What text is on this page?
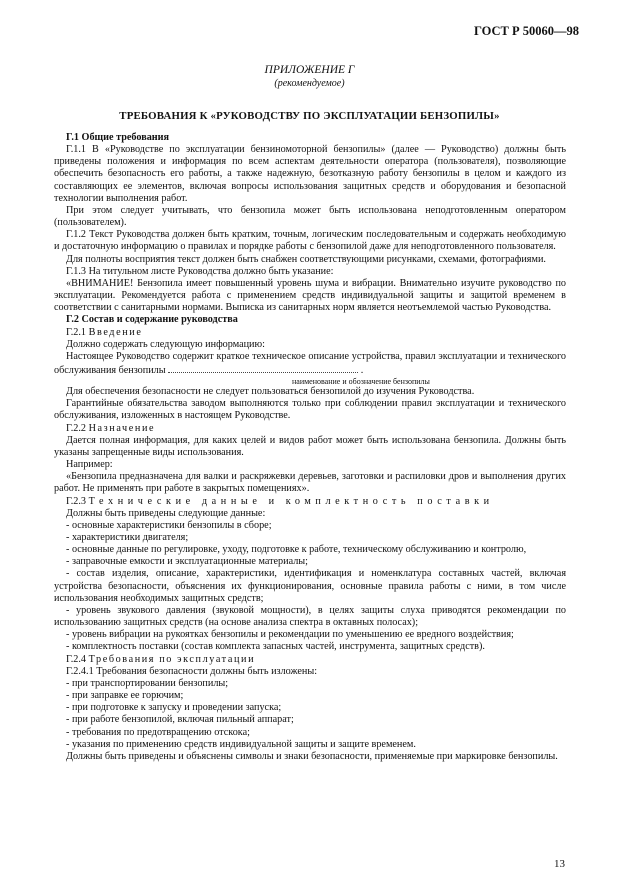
ГОСТ Р 50060—98
ПРИЛОЖЕНИЕ Г
(рекомендуемое)
ТРЕБОВАНИЯ К «РУКОВОДСТВУ ПО ЭКСПЛУАТАЦИИ БЕНЗОПИЛЫ»

Г.1 Общие требования

Г.1.1 В «Руководстве по эксплуатации бензиномоторной бензопилы» (далее — Руководство) должны быть приведены положения и информация по всем аспектам деятельности оператора (пользователя), позволяющие обеспечить безопасность его работы, а также надежную, безотказную работу бензопилы в целом и каждого из составляющих ее элементов, включая вопросы использования защитных средств и оборудования и безопасной технологии выполнения работ.

При этом следует учитывать, что бензопила может быть использована неподготовленным оператором (пользователем).

Г.1.2 Текст Руководства должен быть кратким, точным, логическим последовательным и содержать необходимую и достаточную информацию о правилах и порядке работы с бензопилой даже для неподготовленного пользователя.

Для полноты восприятия текст должен быть снабжен соответствующими рисунками, схемами, фотографиями.

Г.1.3 На титульном листе Руководства должно быть указание:

«ВНИМАНИЕ! Бензопила имеет повышенный уровень шума и вибрации. Внимательно изучите руководство по эксплуатации. Рекомендуется работа с применением средств индивидуальной защиты и защитой временем в соответствии с санитарными нормами. Выписка из санитарных норм является неотъемлемой частью Руководства.

Г.2 Состав и содержание руководства

Г.2.1 Введение

Должно содержать следующую информацию:

Настоящее Руководство содержит краткое техническое описание устройства, правил эксплуатации и технического обслуживания бензопилы	.

наименование и обозначение бензопилы

Для обеспечения безопасности не следует пользоваться бензопилой до изучения Руководства.

Гарантийные обязательства заводом выполняются только при соблюдении правил эксплуатации и технического обслуживания, изложенных в настоящем Руководстве.

Г.2.2 Назначение

Дается полная информация, для каких целей и видов работ может быть использована бензопила. Должны быть указаны запрещенные виды использования.

Например:

«Бензопила предназначена для валки и раскряжевки деревьев, заготовки и распиловки дров и выполнения других работ. Не применять при работе в закрытых помещениях».

Г.2.3 Технические данные и комплектность поставки

Должны быть приведены следующие данные:

- основные характеристики бензопилы в сборе;

- характеристики двигателя;

- основные данные по регулировке, уходу, подготовке к работе, техническому обслуживанию и контролю,

- заправочные емкости и эксплуатационные материалы;

- состав изделия, описание, характеристики, идентификация и номенклатура составных частей, включая устройства безопасности, объяснения их функционирования, основные правила работы с ними, в том числе использования необходимых защитных средств;

- уровень звукового давления (звуковой мощности), в целях защиты слуха приводятся рекомендации по использованию защитных средств (на основе анализа спектра в октавных полосах);

- уровень вибрации на рукоятках бензопилы и рекомендации по уменьшению ее вредного воздействия;

- комплектность поставки (состав комплекта запасных частей, инструмента, защитных средств).

Г.2.4 Требования по эксплуатации

Г.2.4.1 Требования безопасности должны быть изложены:

- при транспортировании бензопилы;

- при заправке ее горючим;

- при подготовке к запуску и проведении запуска;

- при работе бензопилой, включая пильный аппарат;

- требования по предотвращению отскока;

- указания по применению средств индивидуальной защиты и защите временем.

Должны быть приведены и объяснены символы и знаки безопасности, применяемые при маркировке бензопилы.

13
